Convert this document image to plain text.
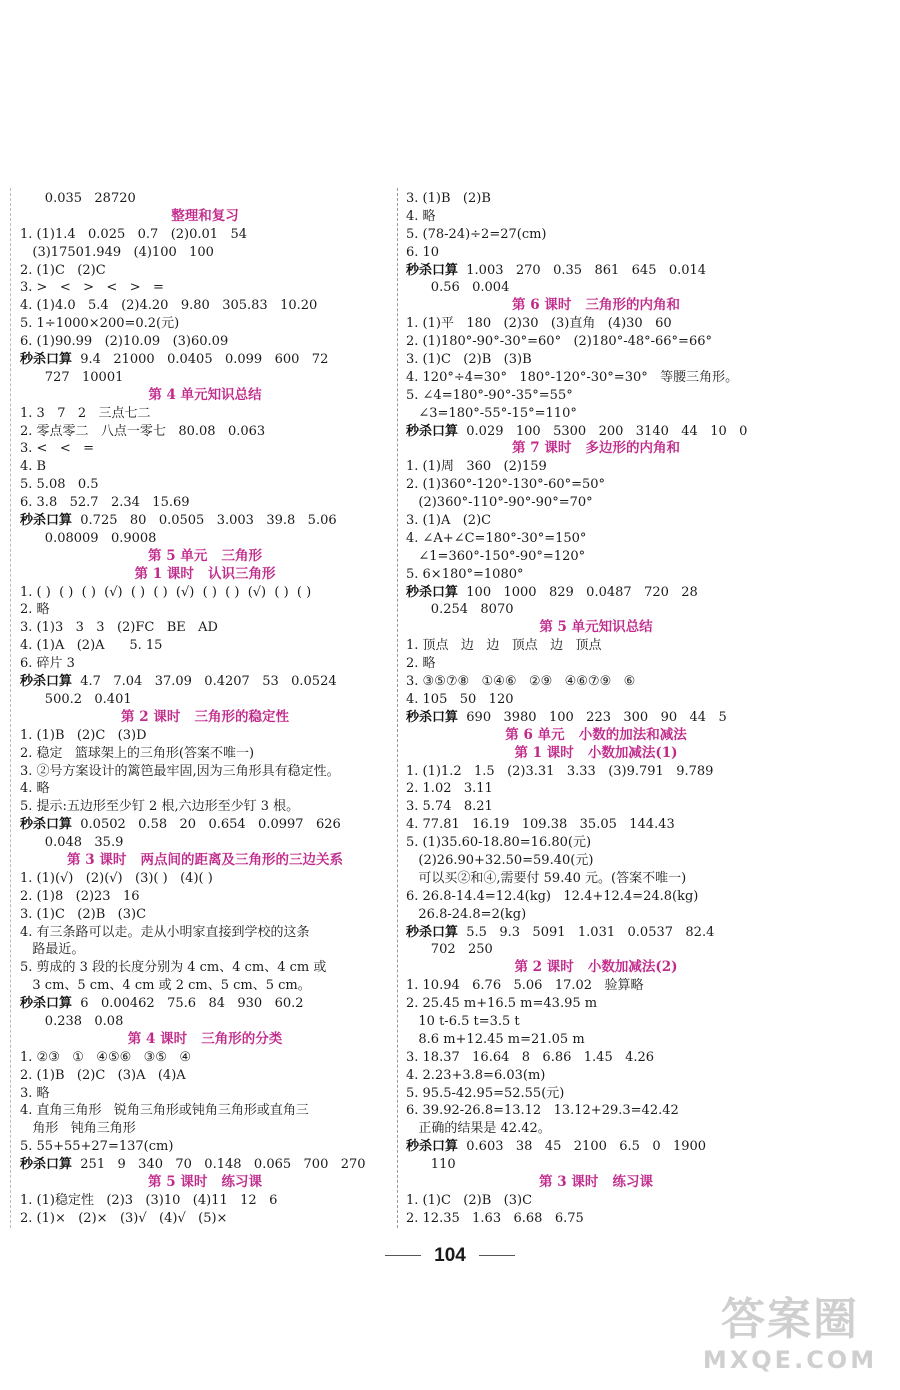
0.035   28720
整理和复习
1. (1)1.4   0.025   0.7   (2)0.01   54
(3)17501.949   (4)100   100
2. (1)C   (2)C
3. >   <   >   <   >   =
4. (1)4.0   5.4   (2)4.20   9.80   305.83   10.20
5. 1÷1000×200=0.2(元)
6. (1)90.99   (2)10.09   (3)60.09
秒杀口算  9.4   21000   0.0405   0.099   600   72
727   10001
第 4 单元知识总结
1. 3   7   2   三点七二
2. 零点零二   八点一零七   80.08   0.063
3. <   <   =
4. B
5. 5.08   0.5
6. 3.8   52.7   2.34   15.69
秒杀口算  0.725   80   0.0505   3.003   39.8   5.06
0.08009   0.9008
第 5 单元   三角形
第 1 课时   认识三角形
1. ( )  ( )  ( )  (√)  ( )  ( )  (√)  ( )  ( )  (√)  ( )  ( )
2. 略
3. (1)3   3   3   (2)FC   BE   AD
4. (1)A   (2)A      5. 15
6. 碎片 3
秒杀口算  4.7   7.04   37.09   0.4207   53   0.0524
500.2   0.401
第 2 课时   三角形的稳定性
1. (1)B   (2)C   (3)D
2. 稳定   篮球架上的三角形(答案不唯一)
3. ②号方案设计的篱笆最牢固,因为三角形具有稳定性。
4. 略
5. 提示:五边形至少钉 2 根,六边形至少钉 3 根。
秒杀口算  0.0502   0.58   20   0.654   0.0997   626
0.048   35.9
第 3 课时   两点间的距离及三角形的三边关系
1. (1)(√)   (2)(√)   (3)( )   (4)( )
2. (1)8   (2)23   16
3. (1)C   (2)B   (3)C
4. 有三条路可以走。走从小明家直接到学校的这条
路最近。
5. 剪成的 3 段的长度分别为 4 cm、4 cm、4 cm 或
3 cm、5 cm、4 cm 或 2 cm、5 cm、5 cm。
秒杀口算  6   0.00462   75.6   84   930   60.2
0.238   0.08
第 4 课时   三角形的分类
1. ②③   ①   ④⑤⑥   ③⑤   ④
2. (1)B   (2)C   (3)A   (4)A
3. 略
4. 直角三角形   锐角三角形或钝角三角形或直角三
角形   钝角三角形
5. 55+55+27=137(cm)
秒杀口算  251   9   340   70   0.148   0.065   700   270
第 5 课时   练习课
1. (1)稳定性   (2)3   (3)10   (4)11   12   6
2. (1)×   (2)×   (3)√   (4)√   (5)×
3. (1)B   (2)B
4. 略
5. (78-24)÷2=27(cm)
6. 10
秒杀口算  1.003   270   0.35   861   645   0.014
0.56   0.004
第 6 课时   三角形的内角和
1. (1)平   180   (2)30   (3)直角   (4)30   60
2. (1)180°-90°-30°=60°   (2)180°-48°-66°=66°
3. (1)C   (2)B   (3)B
4. 120°÷4=30°   180°-120°-30°=30°   等腰三角形。
5. ∠4=180°-90°-35°=55°
∠3=180°-55°-15°=110°
秒杀口算  0.029   100   5300   200   3140   44   10   0
第 7 课时   多边形的内角和
1. (1)周   360   (2)159
2. (1)360°-120°-130°-60°=50°
(2)360°-110°-90°-90°=70°
3. (1)A   (2)C
4. ∠A+∠C=180°-30°=150°
∠1=360°-150°-90°=120°
5. 6×180°=1080°
秒杀口算  100   1000   829   0.0487   720   28
0.254   8070
第 5 单元知识总结
1. 顶点   边   边   顶点   边   顶点
2. 略
3. ③⑤⑦⑧   ①④⑥   ②⑨   ④⑥⑦⑨   ⑥
4. 105   50   120
秒杀口算  690   3980   100   223   300   90   44   5
第 6 单元   小数的加法和减法
第 1 课时   小数加减法(1)
1. (1)1.2   1.5   (2)3.31   3.33   (3)9.791   9.789
2. 1.02   3.11
3. 5.74   8.21
4. 77.81   16.19   109.38   35.05   144.43
5. (1)35.60-18.80=16.80(元)
(2)26.90+32.50=59.40(元)
可以买②和④,需要付 59.40 元。(答案不唯一)
6. 26.8-14.4=12.4(kg)   12.4+12.4=24.8(kg)
26.8-24.8=2(kg)
秒杀口算  5.5   9.3   5091   1.031   0.0537   82.4
702   250
第 2 课时   小数加减法(2)
1. 10.94   6.76   5.06   17.02   验算略
2. 25.45 m+16.5 m=43.95 m
10 t-6.5 t=3.5 t
8.6 m+12.45 m=21.05 m
3. 18.37   16.64   8   6.86   1.45   4.26
4. 2.23+3.8=6.03(m)
5. 95.5-42.95=52.55(元)
6. 39.92-26.8=13.12   13.12+29.3=42.42
正确的结果是 42.42。
秒杀口算  0.603   38   45   2100   6.5   0   1900
110
第 3 课时   练习课
1. (1)C   (2)B   (3)C
2. 12.35   1.63   6.68   6.75
104
答案圈
MXQE.COM
